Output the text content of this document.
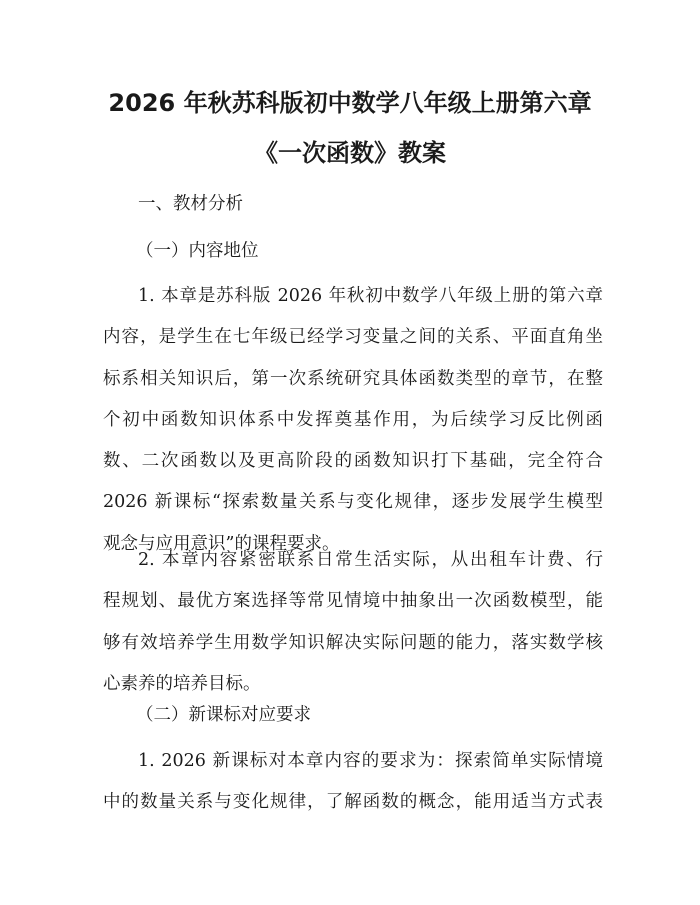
2026 年秋苏科版初中数学八年级上册第六章
《一次函数》教案

一、教材分析

（一）内容地位

1. 本章是苏科版 2026 年秋初中数学八年级上册的第六章
内容，是学生在七年级已经学习变量之间的关系、平面直角坐
标系相关知识后，第一次系统研究具体函数类型的章节，在整
个初中函数知识体系中发挥奠基作用，为后续学习反比例函
数、二次函数以及更高阶段的函数知识打下基础，完全符合
2026 新课标“探索数量关系与变化规律，逐步发展学生模型
观念与应用意识”的课程要求。
2. 本章内容紧密联系日常生活实际，从出租车计费、行
程规划、最优方案选择等常见情境中抽象出一次函数模型，能
够有效培养学生用数学知识解决实际问题的能力，落实数学核
心素养的培养目标。

（二）新课标对应要求

1. 2026 新课标对本章内容的要求为：探索简单实际情境
中的数量关系与变化规律，了解函数的概念，能用适当方式表
